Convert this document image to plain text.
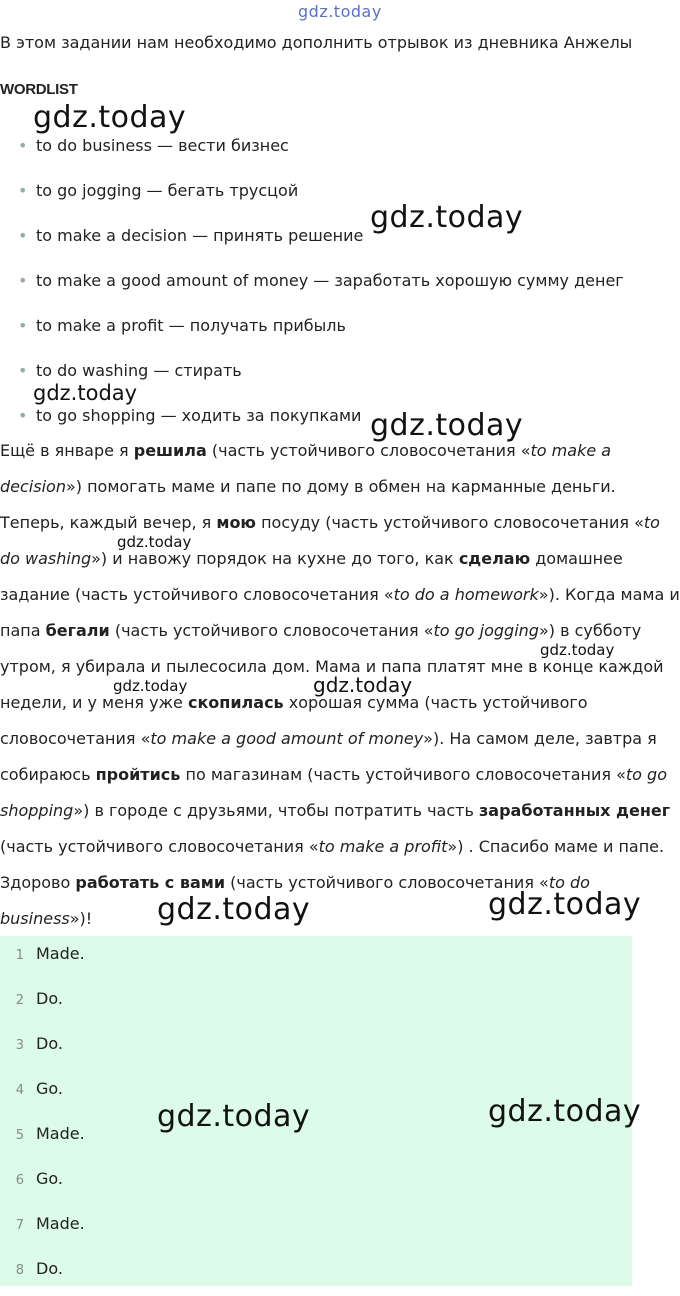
gdz.today
В этом задании нам необходимо дополнить отрывок из дневника Анжелы
WORDLIST
• to do business — вести бизнес
• to go jogging — бегать трусцой
• to make a decision — принять решение
• to make a good amount of money — заработать хорошую сумму денег
• to make a profit — получать прибыль
• to do washing — стирать
• to go shopping — ходить за покупками
Ещё в январе я решила (часть устойчивого словосочетания «to make a decision») помогать маме и папе по дому в обмен на карманные деньги. Теперь, каждый вечер, я мою посуду (часть устойчивого словосочетания «to do washing») и навожу порядок на кухне до того, как сделаю домашнее задание (часть устойчивого словосочетания «to do a homework»). Когда мама и папа бегали (часть устойчивого словосочетания «to go jogging») в субботу утром, я убирала и пылесосила дом. Мама и папа платят мне в конце каждой недели, и у меня уже скопилась хорошая сумма (часть устойчивого словосочетания «to make a good amount of money»). На самом деле, завтра я собираюсь пройтись по магазинам (часть устойчивого словосочетания «to go shopping») в городе с друзьями, чтобы потратить часть заработанных денег (часть устойчивого словосочетания «to make a profit») . Спасибо маме и папе. Здорово работать с вами (часть устойчивого словосочетания «to do business»)!
1 Made.
2 Do.
3 Do.
4 Go.
5 Made.
6 Go.
7 Made.
8 Do.
gdz.today
gdz.today
gdz.today
gdz.today
gdz.today
gdz.today
gdz.today	gdz.today
gdz.today	gdz.today
gdz.today	gdz.today
